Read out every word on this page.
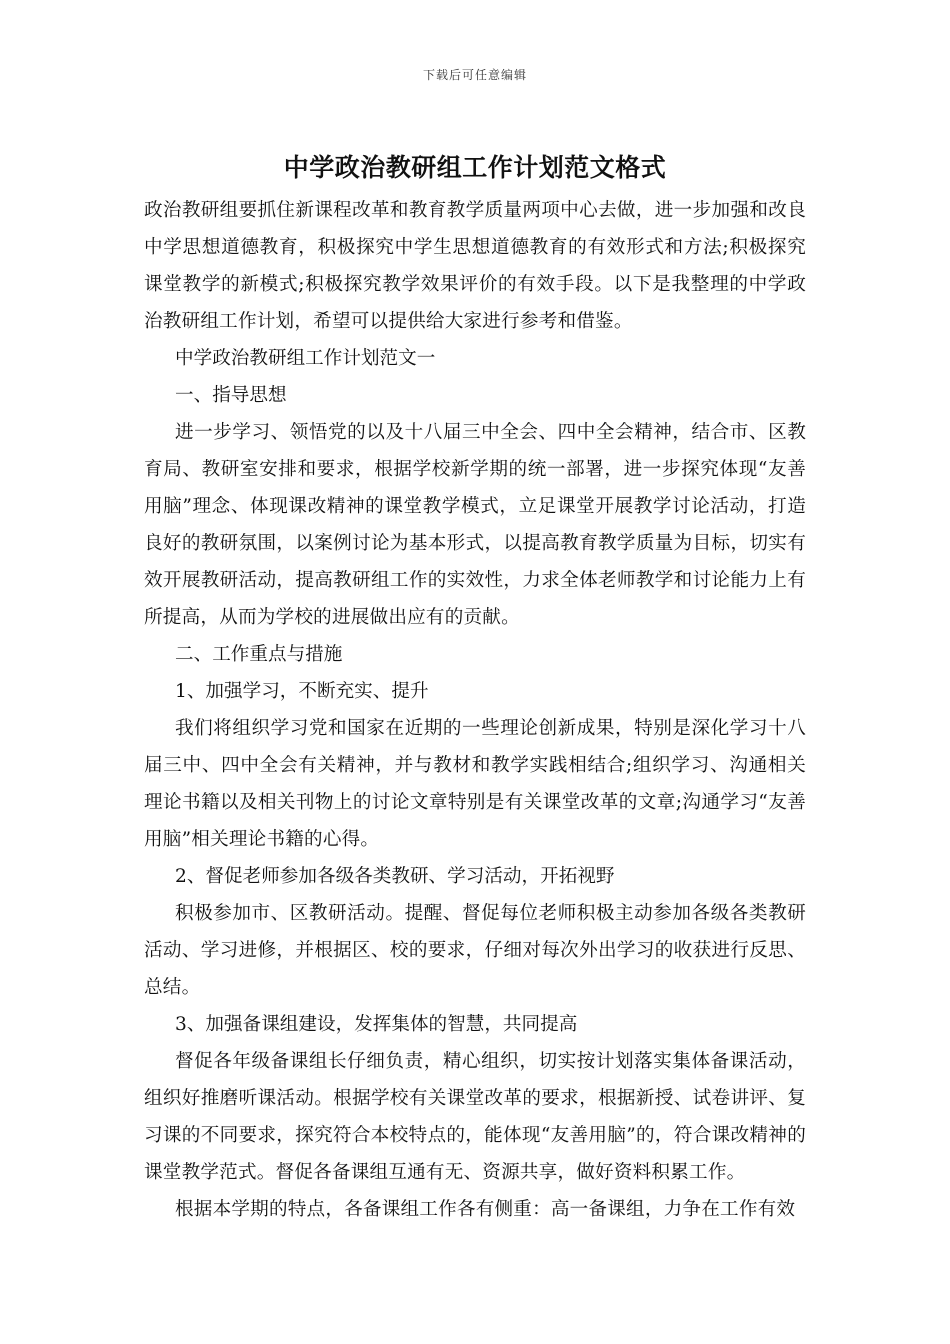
下载后可任意编辑
中学政治教研组工作计划范文格式

政治教研组要抓住新课程改革和教育教学质量两项中心去做，进一步加强和改良中学思想道德教育，积极探究中学生思想道德教育的有效形式和方法;积极探究课堂教学的新模式;积极探究教学效果评价的有效手段。以下是我整理的中学政治教研组工作计划，希望可以提供给大家进行参考和借鉴。

中学政治教研组工作计划范文一

一、指导思想

进一步学习、领悟党的以及十八届三中全会、四中全会精神，结合市、区教育局、教研室安排和要求，根据学校新学期的统一部署，进一步探究体现“友善用脑”理念、体现课改精神的课堂教学模式，立足课堂开展教学讨论活动，打造良好的教研氛围，以案例讨论为基本形式，以提高教育教学质量为目标，切实有效开展教研活动，提高教研组工作的实效性，力求全体老师教学和讨论能力上有所提高，从而为学校的进展做出应有的贡献。

二、工作重点与措施

1、加强学习，不断充实、提升

我们将组织学习党和国家在近期的一些理论创新成果，特别是深化学习十八届三中、四中全会有关精神，并与教材和教学实践相结合;组织学习、沟通相关理论书籍以及相关刊物上的讨论文章特别是有关课堂改革的文章;沟通学习“友善用脑”相关理论书籍的心得。

2、督促老师参加各级各类教研、学习活动，开拓视野

积极参加市、区教研活动。提醒、督促每位老师积极主动参加各级各类教研活动、学习进修，并根据区、校的要求，仔细对每次外出学习的收获进行反思、总结。

3、加强备课组建设，发挥集体的智慧，共同提高

督促各年级备课组长仔细负责，精心组织，切实按计划落实集体备课活动，组织好推磨听课活动。根据学校有关课堂改革的要求，根据新授、试卷讲评、复习课的不同要求，探究符合本校特点的，能体现“友善用脑”的，符合课改精神的课堂教学范式。督促各备课组互通有无、资源共享，做好资料积累工作。

根据本学期的特点，各备课组工作各有侧重：高一备课组，力争在工作有效
